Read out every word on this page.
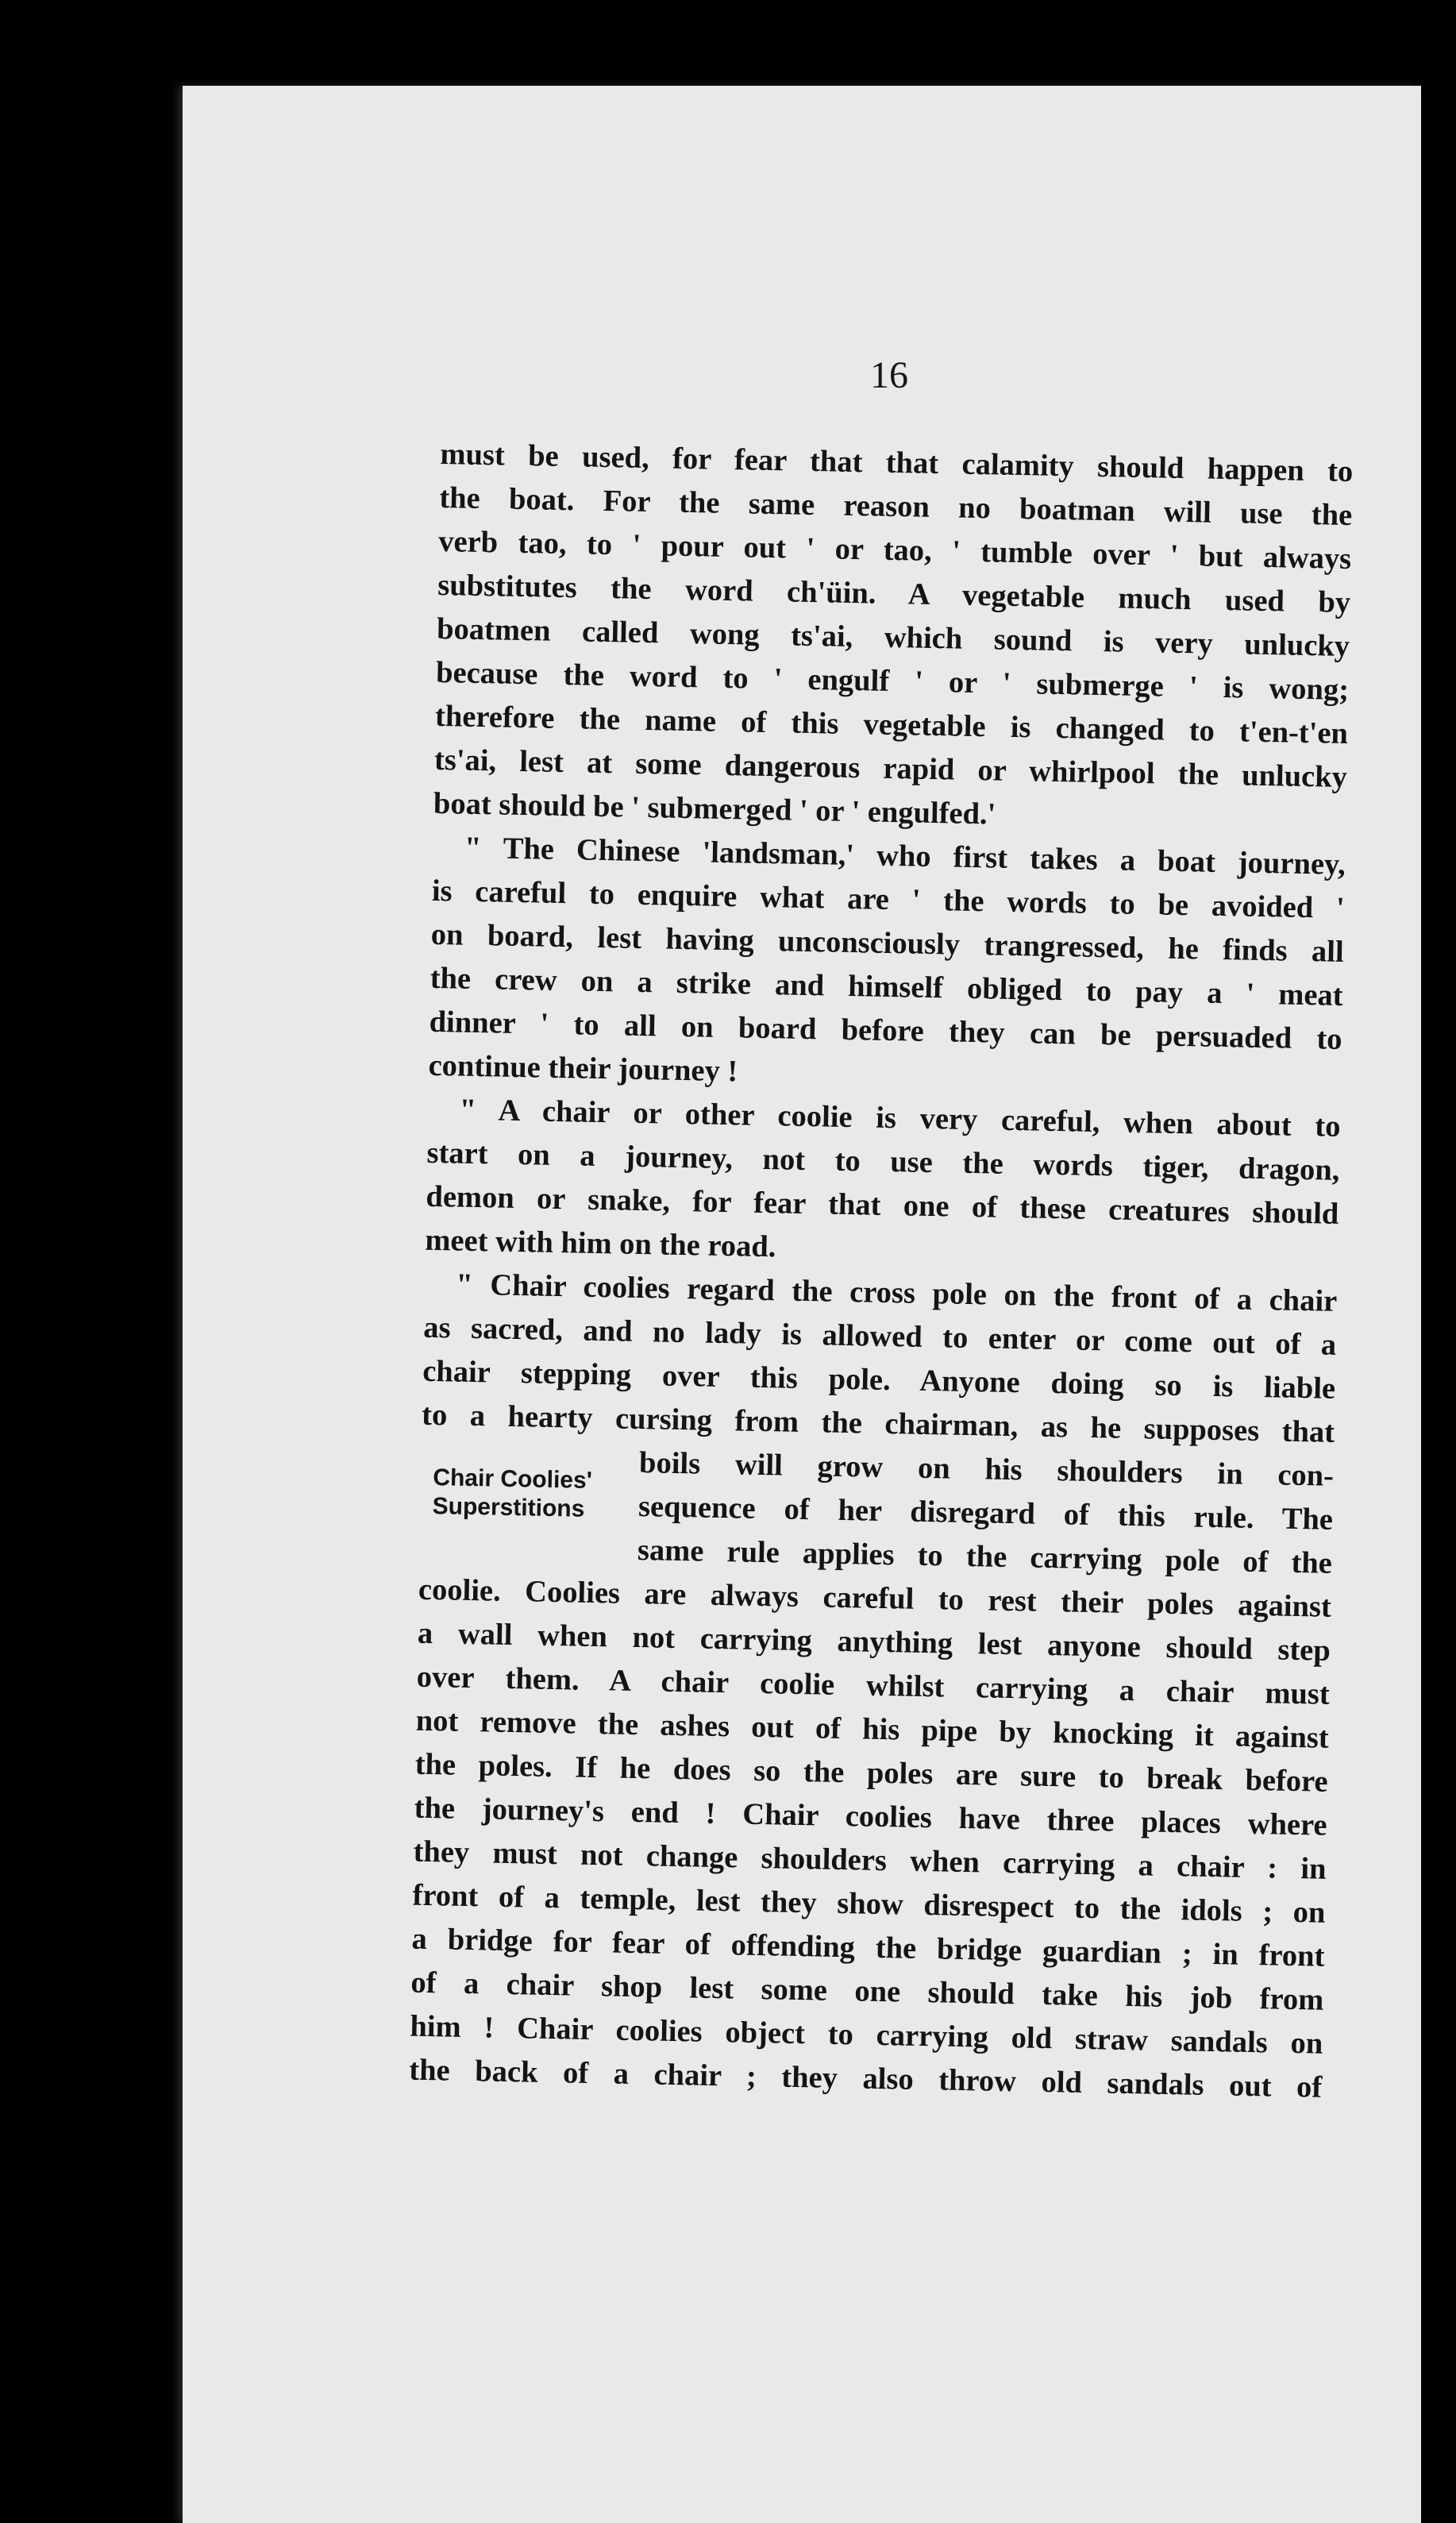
16
Chair Coolies'
Superstitions
must be used, for fear that that calamity should happen to
the boat. For the same reason no boatman will use the
verb tao, to ' pour out ' or tao, ' tumble over ' but always
substitutes the word ch'üin. A vegetable much used by
boatmen called wong ts'ai, which sound is very unlucky
because the word to ' engulf ' or ' submerge ' is wong;
therefore the name of this vegetable is changed to t'en-t'en
ts'ai, lest at some dangerous rapid or whirlpool the unlucky
boat should be ' submerged ' or ' engulfed.'
" The Chinese 'landsman,' who first takes a boat journey,
is careful to enquire what are ' the words to be avoided '
on board, lest having unconsciously trangressed, he finds all
the crew on a strike and himself obliged to pay a ' meat
dinner ' to all on board before they can be persuaded to
continue their journey !
" A chair or other coolie is very careful, when about to
start on a journey, not to use the words tiger, dragon,
demon or snake, for fear that one of these creatures should
meet with him on the road.
" Chair coolies regard the cross pole on the front of a chair
as sacred, and no lady is allowed to enter or come out of a
chair stepping over this pole. Anyone doing so is liable
to a hearty cursing from the chairman, as he supposes that
boils will grow on his shoulders in con-
sequence of her disregard of this rule. The
same rule applies to the carrying pole of the
coolie. Coolies are always careful to rest their poles against
a wall when not carrying anything lest anyone should step
over them. A chair coolie whilst carrying a chair must
not remove the ashes out of his pipe by knocking it against
the poles. If he does so the poles are sure to break before
the journey's end ! Chair coolies have three places where
they must not change shoulders when carrying a chair : in
front of a temple, lest they show disrespect to the idols ; on
a bridge for fear of offending the bridge guardian ; in front
of a chair shop lest some one should take his job from
him ! Chair coolies object to carrying old straw sandals on
the back of a chair ; they also throw old sandals out of
